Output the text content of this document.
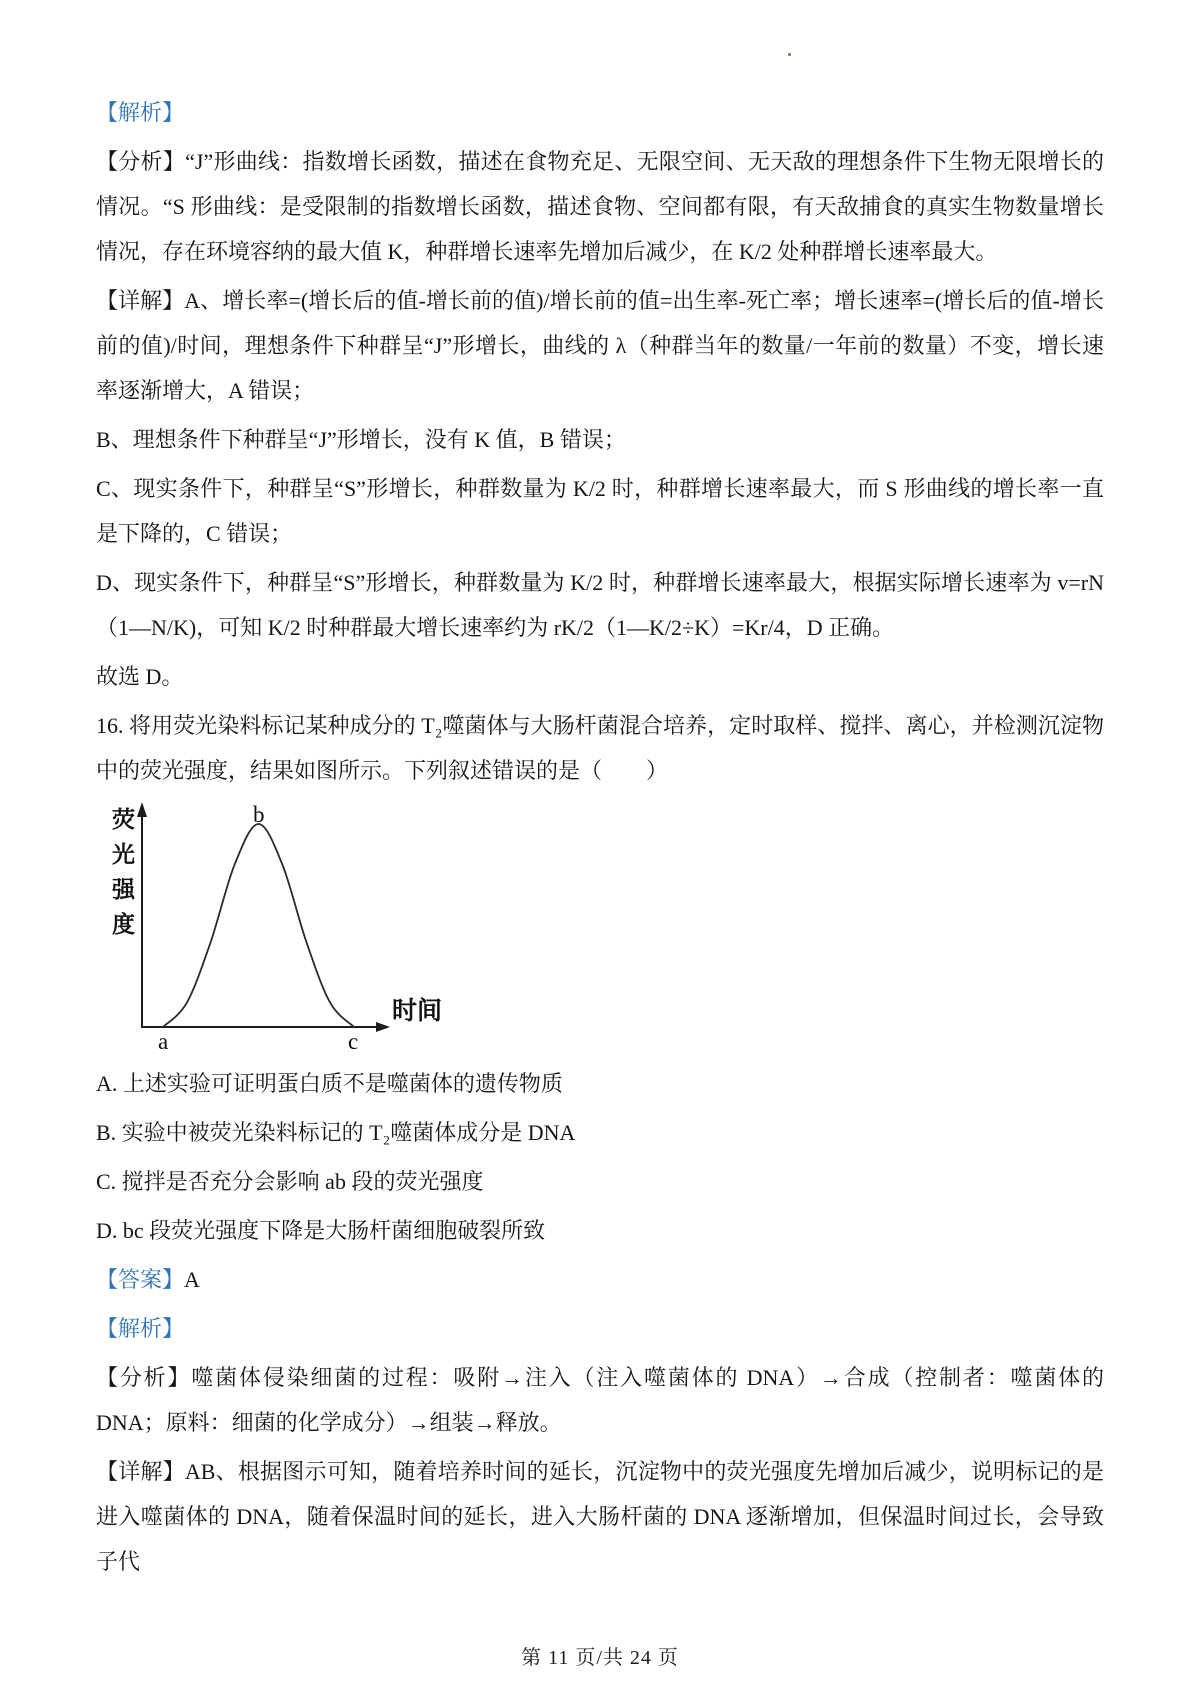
【解析】

【分析】“J”形曲线：指数增长函数，描述在食物充足、无限空间、无天敌的理想条件下生物无限增长的情况。“S 形曲线：是受限制的指数增长函数，描述食物、空间都有限，有天敌捕食的真实生物数量增长情况，存在环境容纳的最大值 K，种群增长速率先增加后减少，在 K/2 处种群增长速率最大。

【详解】A、增长率=(增长后的值-增长前的值)/增长前的值=出生率-死亡率；增长速率=(增长后的值-增长前的值)/时间，理想条件下种群呈“J”形增长，曲线的 λ（种群当年的数量/一年前的数量）不变，增长速率逐渐增大，A 错误；

B、理想条件下种群呈“J”形增长，没有 K 值，B 错误；

C、现实条件下，种群呈“S”形增长，种群数量为 K/2 时，种群增长速率最大，而 S 形曲线的增长率一直是下降的，C 错误；

D、现实条件下，种群呈“S”形增长，种群数量为 K/2 时，种群增长速率最大，根据实际增长速率为 v=rN（1—N/K)，可知 K/2 时种群最大增长速率约为 rK/2（1—K/2÷K）=Kr/4，D 正确。

故选 D。

16. 将用荧光染料标记某种成分的 T₂噬菌体与大肠杆菌混合培养，定时取样、搅拌、离心，并检测沉淀物中的荧光强度，结果如图所示。下列叙述错误的是（　　）

荧光强度
a
b
c
时间

A. 上述实验可证明蛋白质不是噬菌体的遗传物质

B. 实验中被荧光染料标记的 T₂噬菌体成分是 DNA

C. 搅拌是否充分会影响 ab 段的荧光强度

D. bc 段荧光强度下降是大肠杆菌细胞破裂所致

【答案】A

【解析】

【分析】噬菌体侵染细菌的过程：吸附→注入（注入噬菌体的 DNA）→合成（控制者：噬菌体的 DNA；原料：细菌的化学成分）→组装→释放。

【详解】AB、根据图示可知，随着培养时间的延长，沉淀物中的荧光强度先增加后减少，说明标记的是进入噬菌体的 DNA，随着保温时间的延长，进入大肠杆菌的 DNA 逐渐增加，但保温时间过长，会导致子代

第 11 页/共 24 页
